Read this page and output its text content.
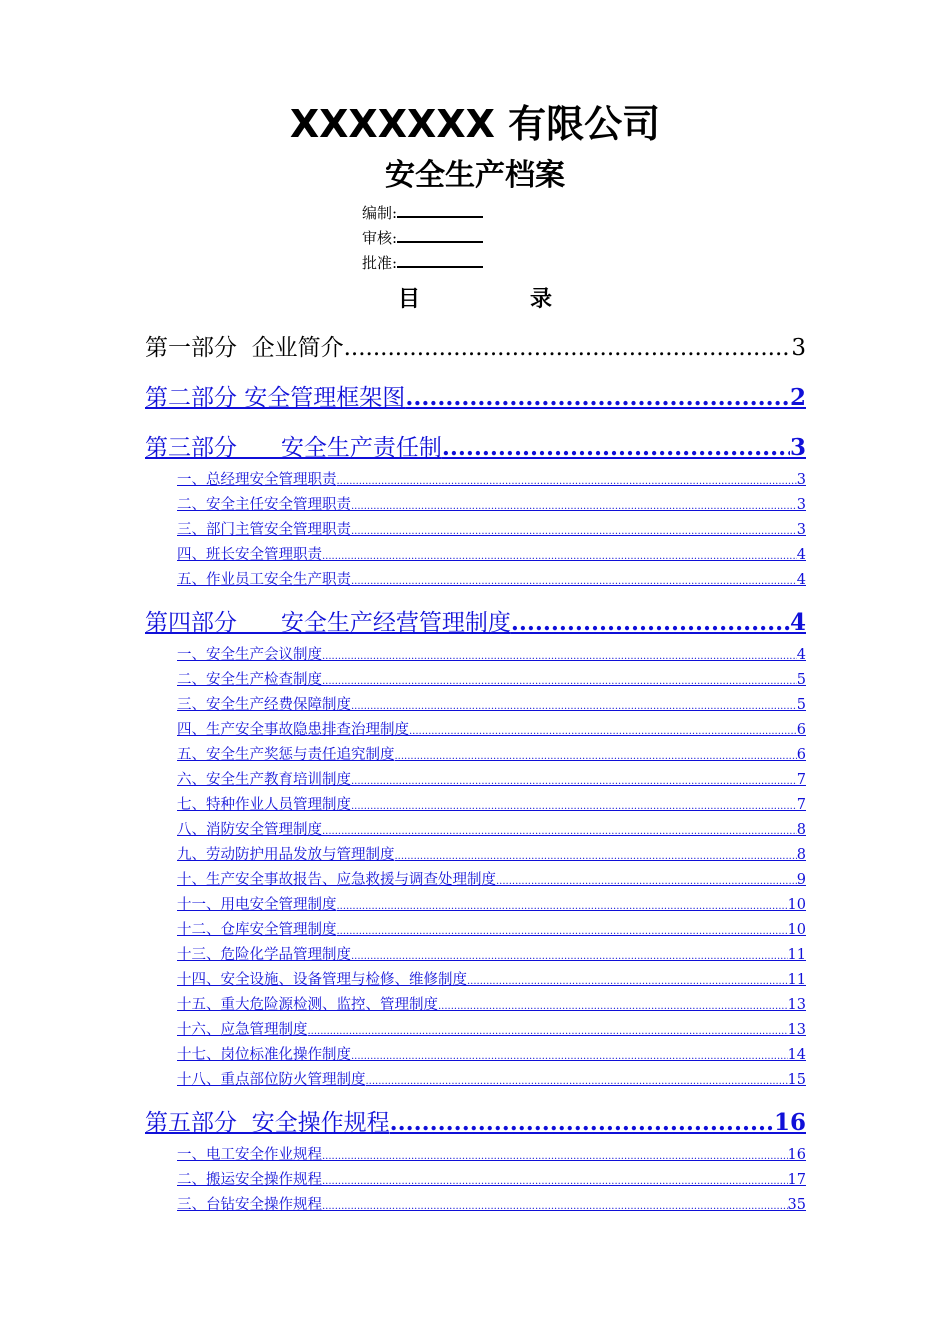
XXXXXXX 有限公司
安全生产档案
编制:
审核:
批准:
目	录
第一部分  企业简介 .....	3
第二部分 安全管理框架图 .....	2
第三部分      安全生产责任制 .....	3
一、总经理安全管理职责 .....	3
二、安全主任安全管理职责 .....	3
三、部门主管安全管理职责 .....	3
四、班长安全管理职责 .....	4
五、作业员工安全生产职责 .....	4
第四部分      安全生产经营管理制度 .....	4
一、安全生产会议制度 .....	4
二、安全生产检查制度 .....	5
三、安全生产经费保障制度 .....	5
四、生产安全事故隐患排查治理制度 .....	6
五、安全生产奖惩与责任追究制度 .....	6
六、安全生产教育培训制度 .....	7
七、特种作业人员管理制度 .....	7
八、消防安全管理制度 .....	8
九、劳动防护用品发放与管理制度 .....	8
十、生产安全事故报告、应急救援与调查处理制度 .....	9
十一、用电安全管理制度 .....	10
十二、仓库安全管理制度 .....	10
十三、危险化学品管理制度 .....	11
十四、安全设施、设备管理与检修、维修制度 .....	11
十五、重大危险源检测、监控、管理制度 .....	13
十六、应急管理制度 .....	13
十七、岗位标准化操作制度 .....	14
十八、重点部位防火管理制度 .....	15
第五部分  安全操作规程 .....	16
一、电工安全作业规程 .....	16
二、搬运安全操作规程 .....	17
三、台钻安全操作规程 .....	35
